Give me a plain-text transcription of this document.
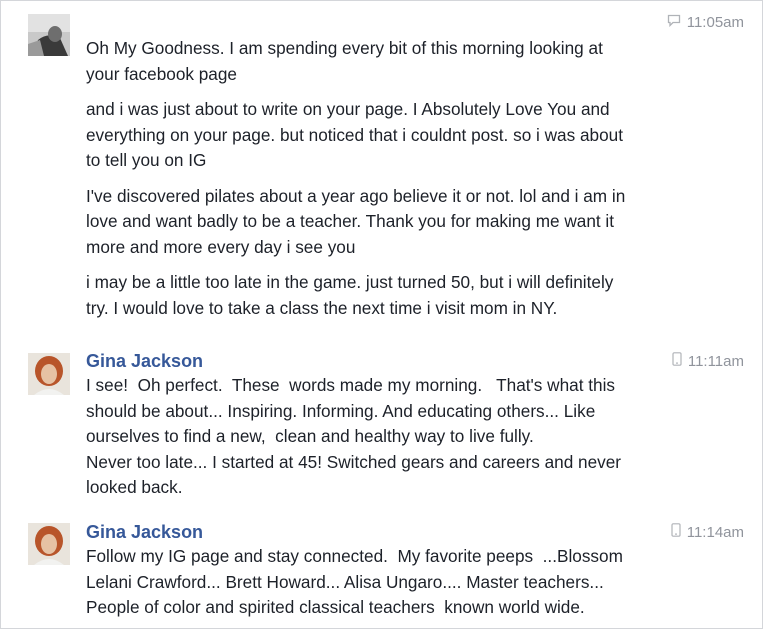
11:05am

Oh My Goodness. I am spending every bit of this morning looking at
your facebook page

and i was just about to write on your page. I Absolutely Love You and
everything on your page. but noticed that i couldnt post. so i was about
to tell you on IG

I've discovered pilates about a year ago believe it or not. lol and i am in
love and want badly to be a teacher. Thank you for making me want it
more and more every day i see you

i may be a little too late in the game. just turned 50, but i will definitely
try. I would love to take a class the next time i visit mom in NY.

Gina Jackson	11:11am

I see!  Oh perfect.  These  words made my morning.   That's what this
should be about... Inspiring. Informing. And educating others... Like
ourselves to find a new,  clean and healthy way to live fully.
Never too late... I started at 45! Switched gears and careers and never
looked back.

Gina Jackson	11:14am

Follow my IG page and stay connected.  My favorite peeps  ...Blossom
Lelani Crawford... Brett Howard... Alisa Ungaro.... Master teachers...
People of color and spirited classical teachers  known world wide.
